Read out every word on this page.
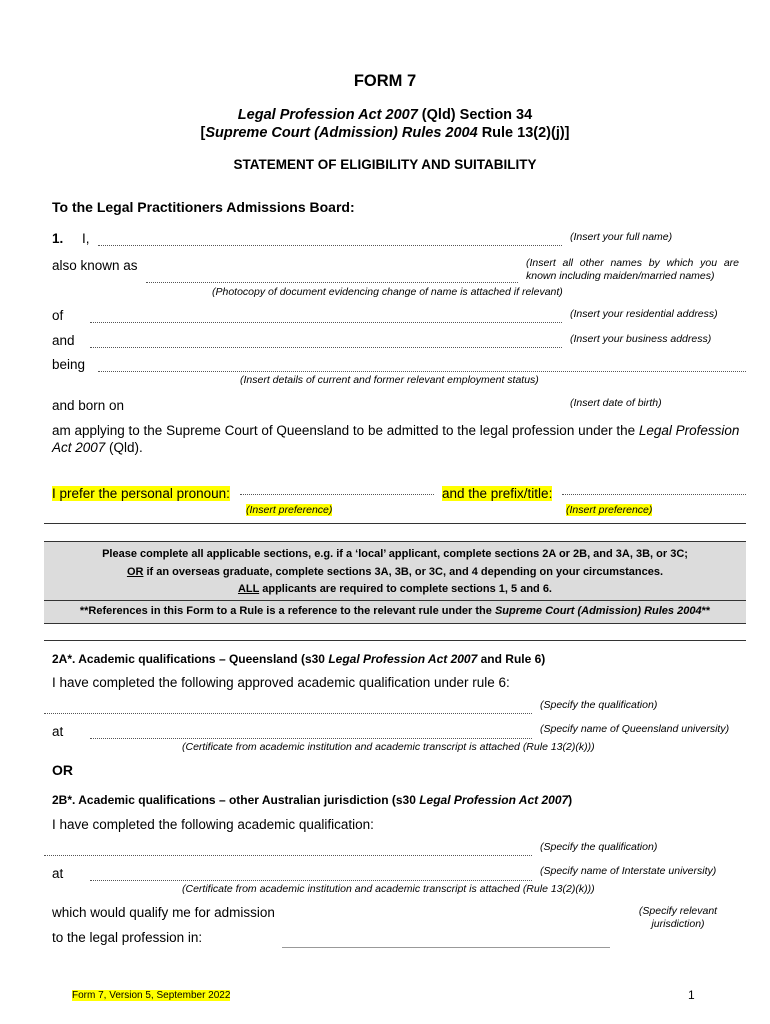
FORM 7
Legal Profession Act 2007 (Qld) Section 34
[Supreme Court (Admission) Rules 2004 Rule 13(2)(j)]
STATEMENT OF ELIGIBILITY AND SUITABILITY
To the Legal Practitioners Admissions Board:
1. I,	(Insert your full name)
also known as	(Insert all other names by which you are known including maiden/married names)
(Photocopy of document evidencing change of name is attached if relevant)
of	(Insert your residential address)
and	(Insert your business address)
being
(Insert details of current and former relevant employment status)
and born on	(Insert date of birth)
am applying to the Supreme Court of Queensland to be admitted to the legal profession under the Legal Profession
Act 2007 (Qld).
I prefer the personal pronoun:	and the prefix/title:
(Insert preference)	(Insert preference)
Please complete all applicable sections, e.g. if a ‘local’ applicant, complete sections 2A or 2B, and 3A, 3B, or 3C;
OR if an overseas graduate, complete sections 3A, 3B, or 3C, and 4 depending on your circumstances.
ALL applicants are required to complete sections 1, 5 and 6.
**References in this Form to a Rule is a reference to the relevant rule under the Supreme Court (Admission) Rules 2004**
2A*. Academic qualifications – Queensland (s30 Legal Profession Act 2007 and Rule 6)
I have completed the following approved academic qualification under rule 6:
(Specify the qualification)
at	(Specify name of Queensland university)
(Certificate from academic institution and academic transcript is attached (Rule 13(2)(k)))
OR
2B*. Academic qualifications – other Australian jurisdiction (s30 Legal Profession Act 2007)
I have completed the following academic qualification:
(Specify the qualification)
at	(Specify name of Interstate university)
(Certificate from academic institution and academic transcript is attached (Rule 13(2)(k)))
which would qualify me for admission
to the legal profession in:
(Specify relevant
jurisdiction)
Form 7, Version 5, September 2022	1
